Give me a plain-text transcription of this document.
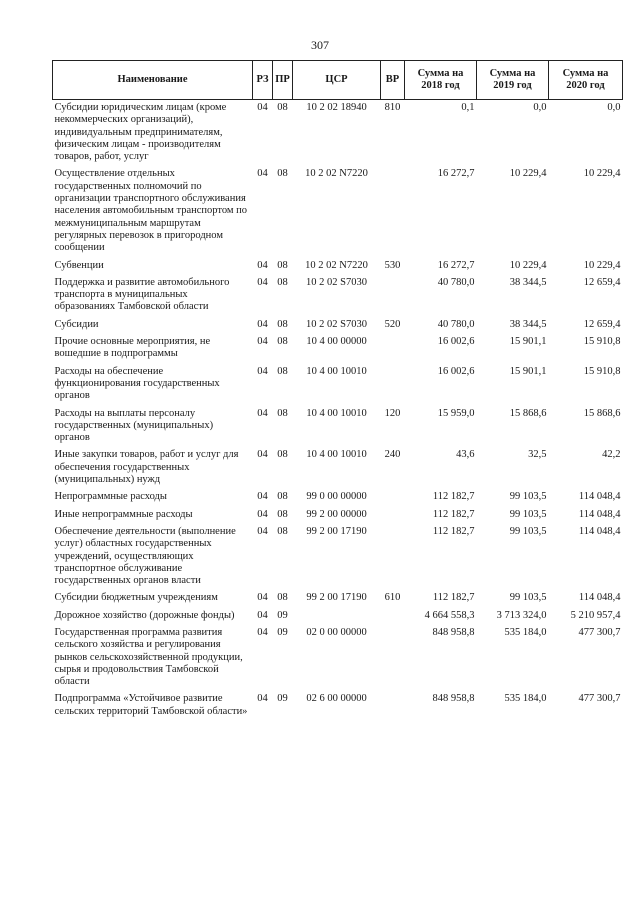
307
Наименование	РЗ	ПР	ЦСР	ВР	Сумма на 2018 год	Сумма на 2019 год	Сумма на 2020 год
Субсидии юридическим лицам (кроме некоммерческих организаций), индивидуальным предпринимателям, физическим лицам - производителям товаров, работ, услуг	04	08	10 2 02 18940	810	0,1	0,0	0,0
Осуществление отдельных государственных полномочий по организации транспортного обслуживания населения автомобильным транспортом по межмуниципальным маршрутам регулярных перевозок в пригородном сообщении	04	08	10 2 02 N7220		16 272,7	10 229,4	10 229,4
Субвенции	04	08	10 2 02 N7220	530	16 272,7	10 229,4	10 229,4
Поддержка и развитие автомобильного транспорта в муниципальных образованиях Тамбовской области	04	08	10 2 02 S7030		40 780,0	38 344,5	12 659,4
Субсидии	04	08	10 2 02 S7030	520	40 780,0	38 344,5	12 659,4
Прочие основные мероприятия, не вошедшие в подпрограммы	04	08	10 4 00 00000		16 002,6	15 901,1	15 910,8
Расходы на обеспечение функционирования государственных органов	04	08	10 4 00 10010		16 002,6	15 901,1	15 910,8
Расходы на выплаты персоналу государственных (муниципальных) органов	04	08	10 4 00 10010	120	15 959,0	15 868,6	15 868,6
Иные закупки товаров, работ и услуг для обеспечения государственных (муниципальных) нужд	04	08	10 4 00 10010	240	43,6	32,5	42,2
Непрограммные расходы	04	08	99 0 00 00000		112 182,7	99 103,5	114 048,4
Иные непрограммные расходы	04	08	99 2 00 00000		112 182,7	99 103,5	114 048,4
Обеспечение деятельности (выполнение услуг) областных государственных учреждений, осуществляющих транспортное обслуживание государственных органов власти	04	08	99 2 00 17190		112 182,7	99 103,5	114 048,4
Субсидии бюджетным учреждениям	04	08	99 2 00 17190	610	112 182,7	99 103,5	114 048,4
Дорожное хозяйство (дорожные фонды)	04	09			4 664 558,3	3 713 324,0	5 210 957,4
Государственная программа развития сельского хозяйства и регулирования рынков сельскохозяйственной продукции, сырья и продовольствия Тамбовской области	04	09	02 0 00 00000		848 958,8	535 184,0	477 300,7
Подпрограмма «Устойчивое развитие сельских территорий Тамбовской области»	04	09	02 6 00 00000		848 958,8	535 184,0	477 300,7
